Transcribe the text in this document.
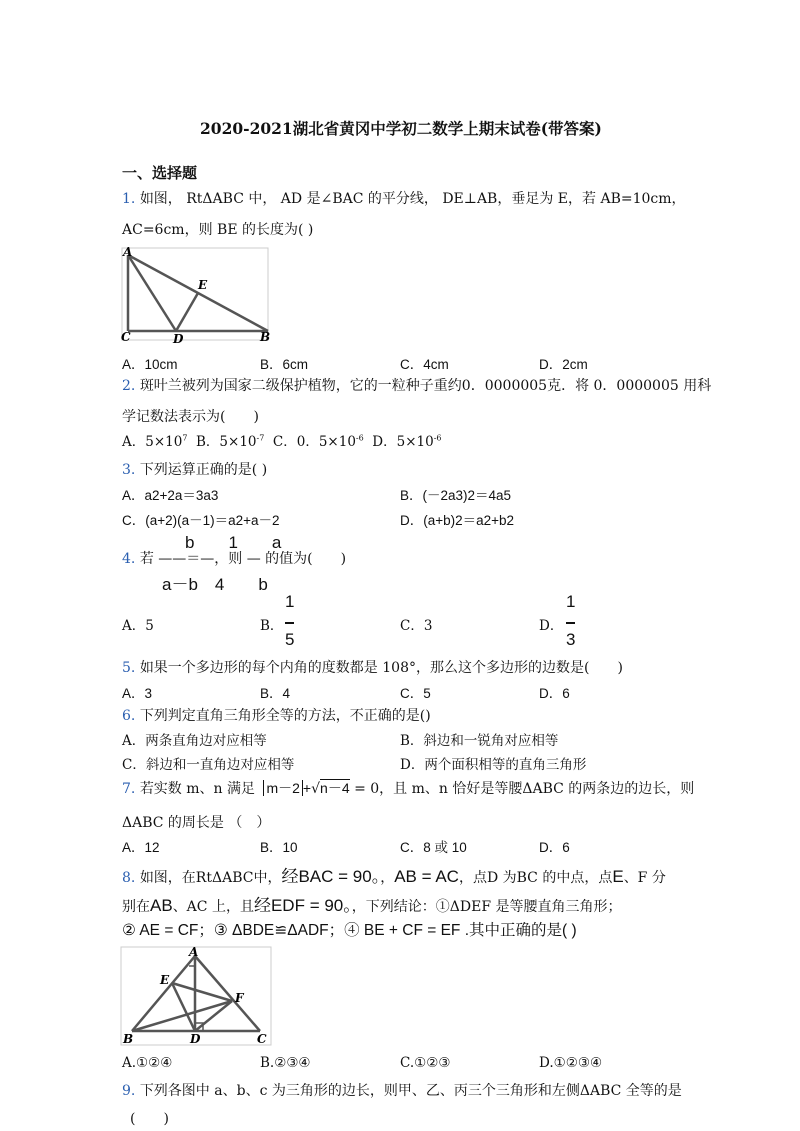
2020-2021湖北省黄冈中学初二数学上期末试卷(带答案)
一、选择题
1. 如图， RtΔABC 中， AD 是∠BAC 的平分线， DE⊥AB，垂足为 E，若 AB=10cm，
AC=6cm，则 BE 的长度为( )
A
E
C	D	B
A．10cm	B．6cm	C．4cm	D．2cm
2. 斑叶兰被列为国家二级保护植物，它的一粒种子重约0．0000005克．将 0．0000005 用科
学记数法表示为(　　)
A．$5\times 10^7$ B．$5\times 10^{-7}$ C．0．$5\times 10^{-6}$ D．$5\times 10^{-6}$
3. 下列运算正确的是( )
A．a2+2a＝3a3	B．(－2a3)2＝4a5
C．(a+2)(a－1)＝a2+a－2	D．(a+b)2＝a2+b2
b　　1　　a
4. 若 ——＝—，则 — 的值为(　　)
a－b　4　　b
A．5	B．
1
5
C．3	D．
1
3
5. 如果一个多边形的每个内角的度数都是 108°，那么这个多边形的边数是(　　)
A．3	B．4	C．5	D．6
6. 下列判定直角三角形全等的方法，不正确的是()
A．两条直角边对应相等	B．斜边和一锐角对应相等
C．斜边和一直角边对应相等	D．两个面积相等的直角三角形
7. 若实数 m、n 满足 m－2 +√n－4 = 0，且 m、n 恰好是等腰ΔABC 的两条边的边长，则
ΔABC 的周长是 （　）
A．12	B．10	C．8 或 10	D．6
8. 如图，在RtΔABC中，经BAC = 90。，AB = AC，点D 为BC 的中点，点E、F 分
别在AB、AC 上，且经EDF = 90。，下列结论：①ΔDEF 是等腰直角三角形；
② AE = CF；③ ΔBDE≌ΔADF；④ BE + CF = EF .其中正确的是( )
A
E
F
B	D	C
A.①②④	B.②③④	C.①②③	D.①②③④
9. 下列各图中 a、b、c 为三角形的边长，则甲、乙、丙三个三角形和左侧ΔABC 全等的是
(　　)
